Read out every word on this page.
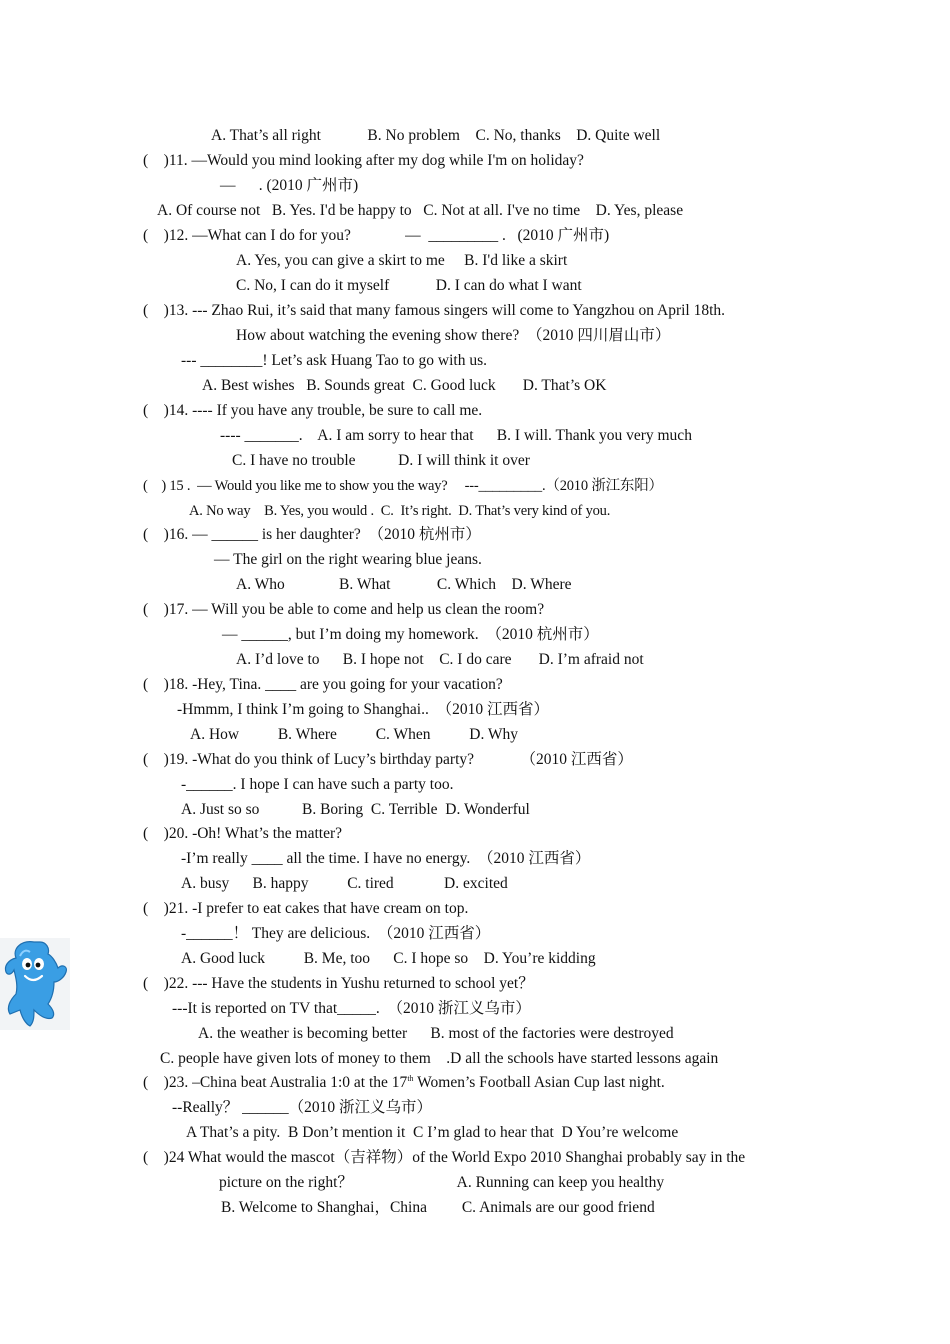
A. That’s all right            B. No problem    C. No, thanks    D. Quite well
(    )11. —Would you mind looking after my dog while I'm on holiday?
—      . (2010 广州市)
A. Of course not   B. Yes. I'd be happy to   C. Not at all. I've no time    D. Yes, please
(    )12. —What can I do for you?              —  _________ .   (2010 广州市)
A. Yes, you can give a skirt to me     B. I'd like a skirt
C. No, I can do it myself            D. I can do what I want
(    )13. --- Zhao Rui, it’s said that many famous singers will come to Yangzhou on April 18th.
How about watching the evening show there?  （2010 四川眉山市）
--- ________! Let’s ask Huang Tao to go with us.
A. Best wishes   B. Sounds great  C. Good luck       D. That’s OK
(    )14. ---- If you have any trouble, be sure to call me.
---- _______.    A. I am sorry to hear that      B. I will. Thank you very much
C. I have no trouble           D. I will think it over
(    ) 15 .  — Would you like me to show you the way?     ---_________.（2010 浙江东阳）
A. No way    B. Yes, you would .  C.  It’s right.  D. That’s very kind of you.
(    )16. — ______ is her daughter?  （2010 杭州市）
— The girl on the right wearing blue jeans.
A. Who              B. What            C. Which    D. Where
(    )17. — Will you be able to come and help us clean the room?
— ______, but I’m doing my homework.  （2010 杭州市）
A. I’d love to      B. I hope not    C. I do care       D. I’m afraid not
(    )18. -Hey, Tina. ____ are you going for your vacation?
-Hmmm, I think I’m going to Shanghai..  （2010 江西省）
A. How          B. Where          C. When          D. Why
(    )19. -What do you think of Lucy’s birthday party?            （2010 江西省）
-______. I hope I can have such a party too.
A. Just so so           B. Boring  C. Terrible  D. Wonderful
(    )20. -Oh! What’s the matter?
-I’m really ____ all the time. I have no energy.  （2010 江西省）
A. busy      B. happy          C. tired             D. excited
(    )21. -I prefer to eat cakes that have cream on top.
-______！ They are delicious.  （2010 江西省）
A. Good luck          B. Me, too      C. I hope so    D. You’re kidding
(    )22. --- Have the students in Yushu returned to school yet？
---It is reported on TV that_____.  （2010 浙江义乌市）
A. the weather is becoming better      B. most of the factories were destroyed
C. people have given lots of money to them    .D all the schools have started lessons again
(    )23. –China beat Australia 1:0 at the 17th Women’s Football Asian Cup last night.
--Really？ ______（2010 浙江义乌市）
A That’s a pity.  B Don’t mention it  C I’m glad to hear that  D You’re welcome
(    )24 What would the mascot（吉祥物）of the World Expo 2010 Shanghai probably say in the
picture on the right？                           A. Running can keep you healthy
B. Welcome to Shanghai，China         C. Animals are our good friend
